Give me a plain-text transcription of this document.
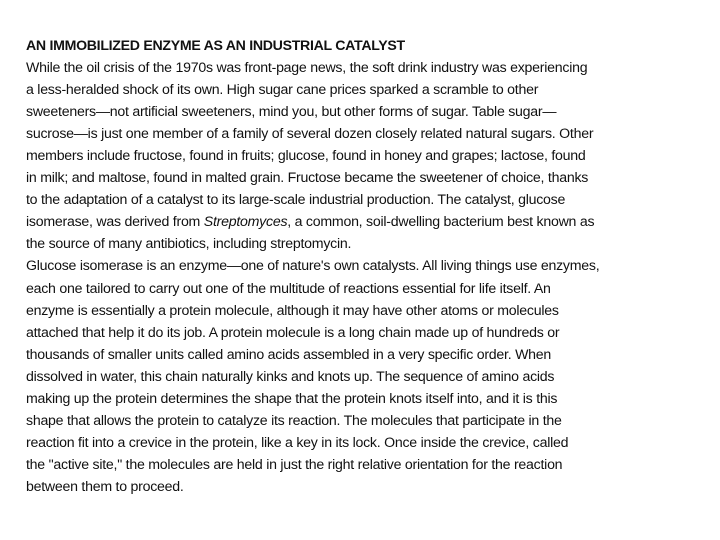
AN IMMOBILIZED ENZYME AS AN INDUSTRIAL CATALYST
While the oil crisis of the 1970s was front-page news, the soft drink industry was experiencing
a less-heralded shock of its own. High sugar cane prices sparked a scramble to other
sweeteners—not artificial sweeteners, mind you, but other forms of sugar. Table sugar—
sucrose—is just one member of a family of several dozen closely related natural sugars. Other
members include fructose, found in fruits; glucose, found in honey and grapes; lactose, found
in milk; and maltose, found in malted grain. Fructose became the sweetener of choice, thanks
to the adaptation of a catalyst to its large-scale industrial production. The catalyst, glucose
isomerase, was derived from Streptomyces, a common, soil-dwelling bacterium best known as
the source of many antibiotics, including streptomycin.
Glucose isomerase is an enzyme—one of nature's own catalysts. All living things use enzymes,
each one tailored to carry out one of the multitude of reactions essential for life itself. An
enzyme is essentially a protein molecule, although it may have other atoms or molecules
attached that help it do its job. A protein molecule is a long chain made up of hundreds or
thousands of smaller units called amino acids assembled in a very specific order. When
dissolved in water, this chain naturally kinks and knots up. The sequence of amino acids
making up the protein determines the shape that the protein knots itself into, and it is this
shape that allows the protein to catalyze its reaction. The molecules that participate in the
reaction fit into a crevice in the protein, like a key in its lock. Once inside the crevice, called
the "active site," the molecules are held in just the right relative orientation for the reaction
between them to proceed.
